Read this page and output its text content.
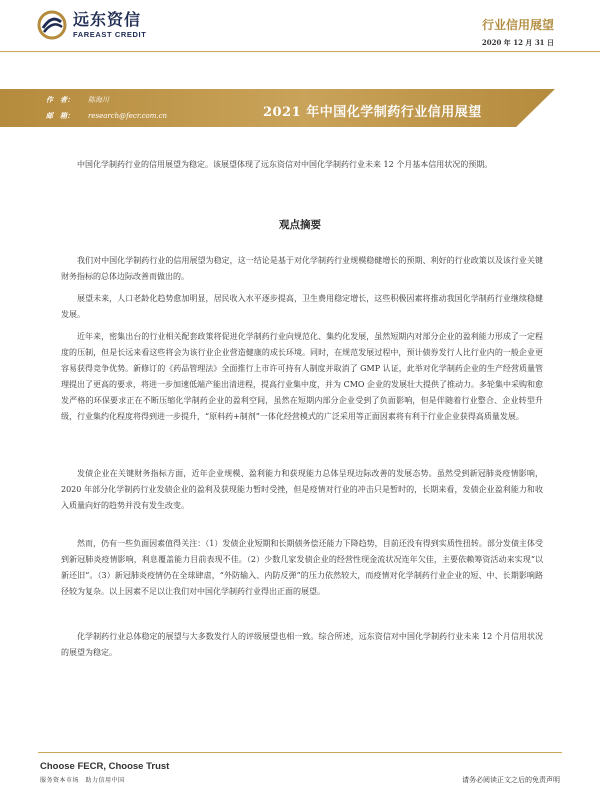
远东资信
FAREAST CREDIT
行业信用展望
2020 年 12 月 31 日
作　者： 陈海川
邮　箱： research@fecr.com.cn	2021 年中国化学制药行业信用展望

中国化学制药行业的信用展望为稳定。该展望体现了远东资信对中国化学制药行业未来 12 个月基本信用状况的预期。

观点摘要

我们对中国化学制药行业的信用展望为稳定，这一结论是基于对化学制药行业规模稳健增长的预期、利好的行业政策以及该行业关键财务指标的总体边际改善而做出的。

展望未来，人口老龄化趋势愈加明显，居民收入水平逐步提高，卫生费用稳定增长，这些积极因素将推动我国化学制药行业继续稳健发展。

近年来，密集出台的行业相关配套政策将促进化学制药行业向规范化、集约化发展，虽然短期内对部分企业的盈利能力形成了一定程度的压制，但是长远来看这些将会为该行业企业营造健康的成长环境。同时，在规范发展过程中，预计债券发行人比行业内的一般企业更容易获得竞争优势。新修订的《药品管理法》全面推行上市许可持有人制度并取消了 GMP 认证，此举对化学制药企业的生产经营质量管理提出了更高的要求，将进一步加速低端产能出清进程，提高行业集中度，并为 CMO 企业的发展壮大提供了推动力。多轮集中采购和愈发严格的环保要求正在不断压缩化学制药企业的盈利空间，虽然在短期内部分企业受到了负面影响，但是伴随着行业整合、企业转型升级，行业集约化程度将得到进一步提升，“原料药+制剂”一体化经营模式的广泛采用等正面因素将有利于行业企业获得高质量发展。

发债企业在关键财务指标方面，近年企业规模、盈利能力和获现能力总体呈现边际改善的发展态势。虽然受到新冠肺炎疫情影响，2020 年部分化学制药行业发债企业的盈利及获现能力暂时受挫，但是疫情对行业的冲击只是暂时的，长期来看，发债企业盈利能力和收入质量向好的趋势并没有发生改变。

然而，仍有一些负面因素值得关注：（1）发债企业短期和长期债务偿还能力下降趋势，目前还没有得到实质性扭转。部分发债主体受到新冠肺炎疫情影响，利息覆盖能力目前表现不佳。（2）少数几家发债企业的经营性现金流状况连年欠佳，主要依赖筹资活动来实现“以新还旧”。（3）新冠肺炎疫情仍在全球肆虐，“外防输入、内防反弹”的压力依然较大，而疫情对化学制药行业企业的短、中、长期影响路径较为复杂。以上因素不足以让我们对中国化学制药行业得出正面的展望。

化学制药行业总体稳定的展望与大多数发行人的评级展望也相一致。综合所述，远东资信对中国化学制药行业未来 12 个月信用状况的展望为稳定。

Choose FECR, Choose Trust
服务资本市场　助力信用中国	请务必阅读正文之后的免责声明
